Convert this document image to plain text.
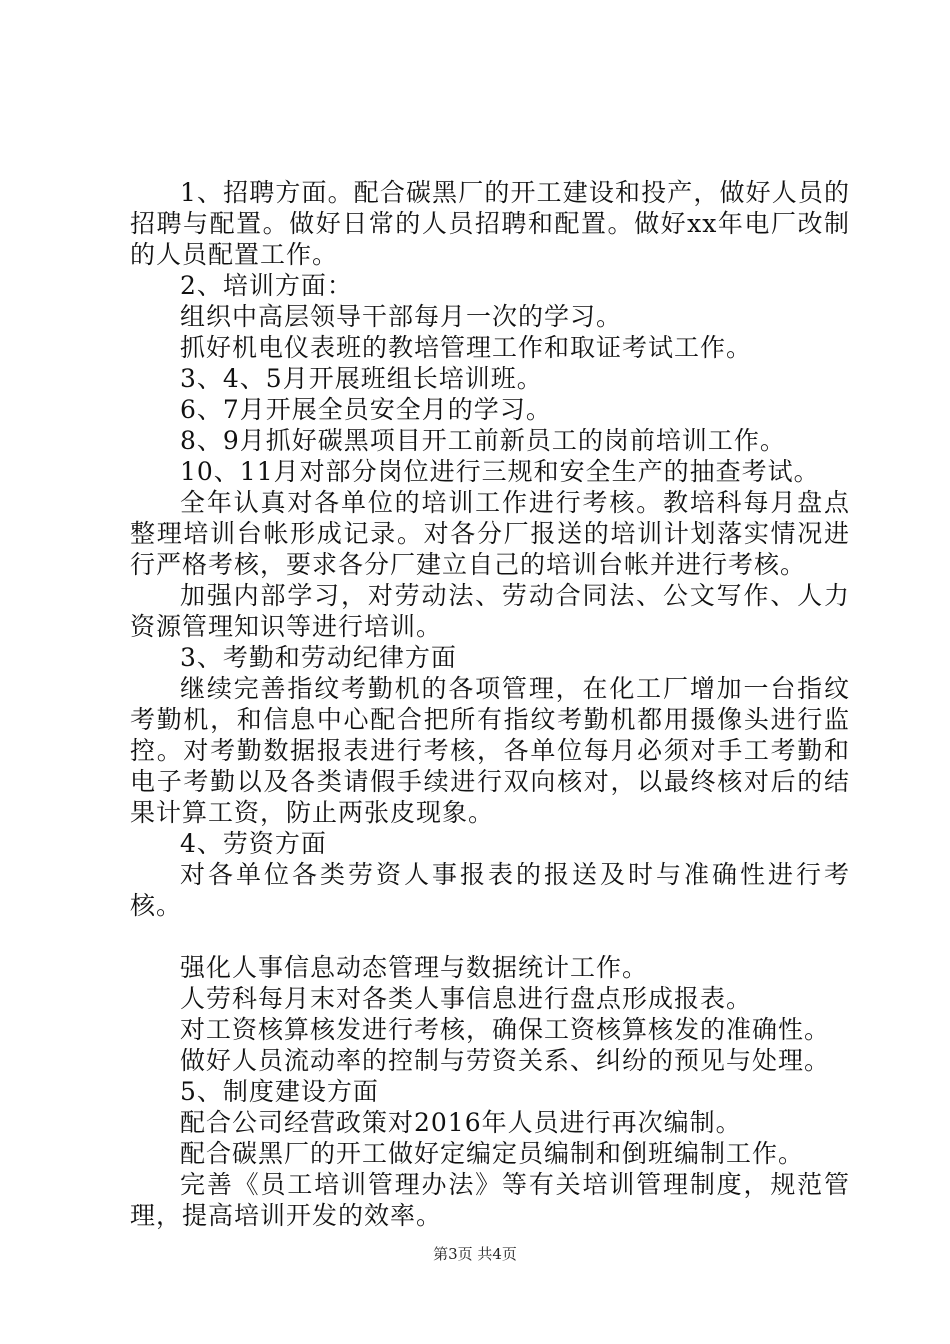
1、招聘方面。配合碳黑厂的开工建设和投产，做好人员的招聘与配置。做好日常的人员招聘和配置。做好xx年电厂改制的人员配置工作。

2、培训方面：

组织中高层领导干部每月一次的学习。

抓好机电仪表班的教培管理工作和取证考试工作。

3、4、5月开展班组长培训班。

6、7月开展全员安全月的学习。

8、9月抓好碳黑项目开工前新员工的岗前培训工作。

10、11月对部分岗位进行三规和安全生产的抽查考试。

全年认真对各单位的培训工作进行考核。教培科每月盘点整理培训台帐形成记录。对各分厂报送的培训计划落实情况进行严格考核，要求各分厂建立自己的培训台帐并进行考核。

加强内部学习，对劳动法、劳动合同法、公文写作、人力资源管理知识等进行培训。

3、考勤和劳动纪律方面

继续完善指纹考勤机的各项管理，在化工厂增加一台指纹考勤机，和信息中心配合把所有指纹考勤机都用摄像头进行监控。对考勤数据报表进行考核，各单位每月必须对手工考勤和电子考勤以及各类请假手续进行双向核对，以最终核对后的结果计算工资，防止两张皮现象。

4、劳资方面

对各单位各类劳资人事报表的报送及时与准确性进行考核。

强化人事信息动态管理与数据统计工作。

人劳科每月末对各类人事信息进行盘点形成报表。

对工资核算核发进行考核，确保工资核算核发的准确性。

做好人员流动率的控制与劳资关系、纠纷的预见与处理。

5、制度建设方面

配合公司经营政策对2016年人员进行再次编制。

配合碳黑厂的开工做好定编定员编制和倒班编制工作。

完善《员工培训管理办法》等有关培训管理制度，规范管理，提高培训开发的效率。

第3页 共4页
